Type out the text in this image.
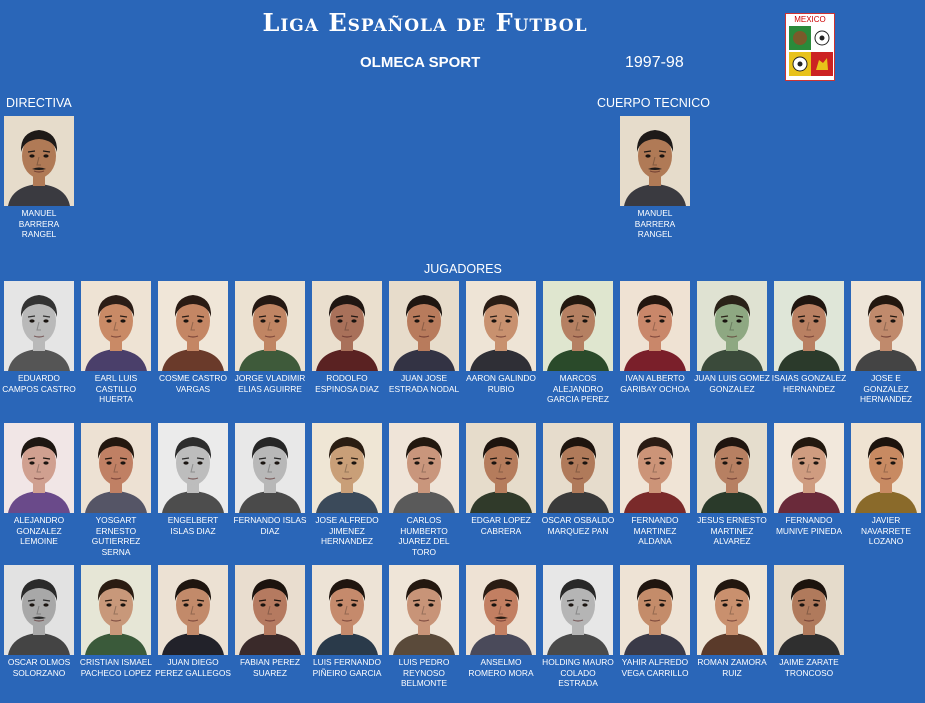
Liga Española de Futbol
OLMECA SPORT	1997-98
MEXICO
DIRECTIVA	CUERPO TECNICO
JUGADORES
MANUEL BARRERA RANGEL
MANUEL BARRERA RANGEL
EDUARDO CAMPOS CASTRO
EARL LUIS CASTILLO HUERTA
COSME CASTRO VARGAS
JORGE VLADIMIR ELIAS AGUIRRE
RODOLFO ESPINOSA DIAZ
JUAN JOSE ESTRADA NODAL
AARON GALINDO RUBIO
MARCOS ALEJANDRO GARCIA PEREZ
IVAN ALBERTO GARIBAY OCHOA
JUAN LUIS GOMEZ GONZALEZ
ISAIAS GONZALEZ HERNANDEZ
JOSE E GONZALEZ HERNANDEZ
ALEJANDRO GONZALEZ LEMOINE
YOSGART ERNESTO GUTIERREZ SERNA
ENGELBERT ISLAS DIAZ
FERNANDO ISLAS DIAZ
JOSE ALFREDO JIMENEZ HERNANDEZ
CARLOS HUMBERTO JUAREZ DEL TORO
EDGAR LOPEZ CABRERA
OSCAR OSBALDO MARQUEZ PAN
FERNANDO MARTINEZ ALDANA
JESUS ERNESTO MARTINEZ ALVAREZ
FERNANDO MUNIVE PINEDA
JAVIER NAVARRETE LOZANO
OSCAR OLMOS SOLORZANO
CRISTIAN ISMAEL PACHECO LOPEZ
JUAN DIEGO PEREZ GALLEGOS
FABIAN PEREZ SUAREZ
LUIS FERNANDO PIÑEIRO GARCIA
LUIS PEDRO REYNOSO BELMONTE
ANSELMO ROMERO MORA
HOLDING MAURO COLADO ESTRADA
YAHIR ALFREDO VEGA CARRILLO
ROMAN ZAMORA RUIZ
JAIME ZARATE TRONCOSO
